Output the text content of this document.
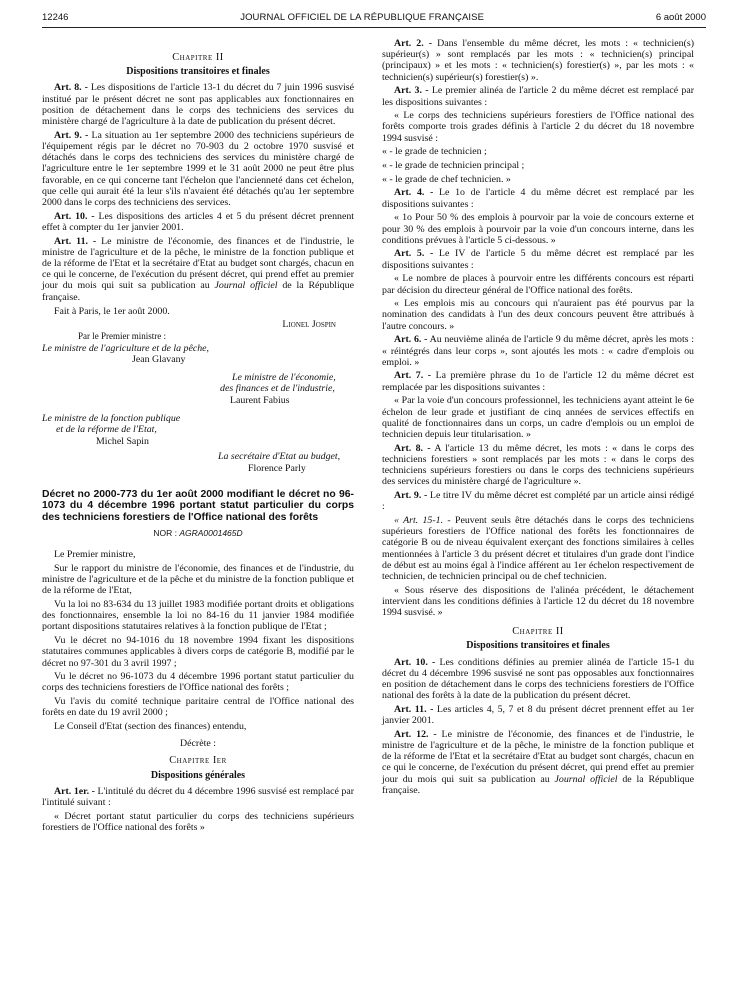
12246	JOURNAL OFFICIEL DE LA RÉPUBLIQUE FRANÇAISE	6 août 2000
Chapitre II
Dispositions transitoires et finales

Art. 8. - Les dispositions de l'article 13-1 du décret du 7 juin 1996 susvisé institué par le présent décret ne sont pas applicables aux fonctionnaires en position de détachement dans le corps des techniciens des services du ministère chargé de l'agriculture à la date de publication du présent décret.

Art. 9. - La situation au 1er septembre 2000 des techniciens supérieurs de l'équipement régis par le décret no 70-903 du 2 octobre 1970 susvisé et détachés dans le corps des techniciens des services du ministère chargé de l'agriculture entre le 1er septembre 1999 et le 31 août 2000 ne peut être plus favorable, en ce qui concerne tant l'échelon que l'ancienneté dans cet échelon, que celle qui aurait été la leur s'ils n'avaient été détachés qu'au 1er septembre 2000 dans le corps des techniciens des services.

Art. 10. - Les dispositions des articles 4 et 5 du présent décret prennent effet à compter du 1er janvier 2001.

Art. 11. - Le ministre de l'économie, des finances et de l'industrie, le ministre de l'agriculture et de la pêche, le ministre de la fonction publique et de la réforme de l'Etat et la secrétaire d'Etat au budget sont chargés, chacun en ce qui le concerne, de l'exécution du présent décret, qui prend effet au premier jour du mois qui suit sa publication au Journal officiel de la République française.

Fait à Paris, le 1er août 2000.

Lionel Jospin
Par le Premier ministre :
Le ministre de l'agriculture et de la pêche,
Jean Glavany
Le ministre de l'économie,
des finances et de l'industrie,
Laurent Fabius
Le ministre de la fonction publique
et de la réforme de l'Etat,
Michel Sapin
La secrétaire d'Etat au budget,
Florence Parly
Décret no 2000-773 du 1er août 2000 modifiant le décret no 96-1073 du 4 décembre 1996 portant statut particulier du corps des techniciens forestiers de l'Office national des forêts
NOR : AGRA0001465D

Le Premier ministre,

Sur le rapport du ministre de l'économie, des finances et de l'industrie, du ministre de l'agriculture et de la pêche et du ministre de la fonction publique et de la réforme de l'Etat,

Vu la loi no 83-634 du 13 juillet 1983 modifiée portant droits et obligations des fonctionnaires, ensemble la loi no 84-16 du 11 janvier 1984 modifiée portant dispositions statutaires relatives à la fonction publique de l'Etat ;

Vu le décret no 94-1016 du 18 novembre 1994 fixant les dispositions statutaires communes applicables à divers corps de catégorie B, modifié par le décret no 97-301 du 3 avril 1997 ;

Vu le décret no 96-1073 du 4 décembre 1996 portant statut particulier du corps des techniciens forestiers de l'Office national des forêts ;

Vu l'avis du comité technique paritaire central de l'Office national des forêts en date du 19 avril 2000 ;

Le Conseil d'Etat (section des finances) entendu,

Décrète :

Chapitre Ier
Dispositions générales

Art. 1er. - L'intitulé du décret du 4 décembre 1996 susvisé est remplacé par l'intitulé suivant :

« Décret portant statut particulier du corps des techniciens supérieurs forestiers de l'Office national des forêts »

Art. 2. - Dans l'ensemble du même décret, les mots : « technicien(s) supérieur(s) » sont remplacés par les mots : « technicien(s) principal (principaux) » et les mots : « technicien(s) forestier(s) », par les mots : « technicien(s) supérieur(s) forestier(s) ».

Art. 3. - Le premier alinéa de l'article 2 du même décret est remplacé par les dispositions suivantes :

« Le corps des techniciens supérieurs forestiers de l'Office national des forêts comporte trois grades définis à l'article 2 du décret du 18 novembre 1994 susvisé :

« - le grade de technicien ;

« - le grade de technicien principal ;

« - le grade de chef technicien. »

Art. 4. - Le 1o de l'article 4 du même décret est remplacé par les dispositions suivantes :

« 1o Pour 50 % des emplois à pourvoir par la voie de concours externe et pour 30 % des emplois à pourvoir par la voie d'un concours interne, dans les conditions prévues à l'article 5 ci-dessous. »

Art. 5. - Le IV de l'article 5 du même décret est remplacé par les dispositions suivantes :

« Le nombre de places à pourvoir entre les différents concours est réparti par décision du directeur général de l'Office national des forêts.

« Les emplois mis au concours qui n'auraient pas été pourvus par la nomination des candidats à l'un des deux concours peuvent être attribués à l'autre concours. »

Art. 6. - Au neuvième alinéa de l'article 9 du même décret, après les mots : « réintégrés dans leur corps », sont ajoutés les mots : « cadre d'emplois ou emploi. »

Art. 7. - La première phrase du 1o de l'article 12 du même décret est remplacée par les dispositions suivantes :

« Par la voie d'un concours professionnel, les techniciens ayant atteint le 6e échelon de leur grade et justifiant de cinq années de services effectifs en qualité de fonctionnaires dans un corps, un cadre d'emplois ou un emploi de technicien depuis leur titularisation. »

Art. 8. - A l'article 13 du même décret, les mots : « dans le corps des techniciens forestiers » sont remplacés par les mots : « dans le corps des techniciens supérieurs forestiers ou dans le corps des techniciens supérieurs des services du ministère chargé de l'agriculture ».

Art. 9. - Le titre IV du même décret est complété par un article ainsi rédigé :

« Art. 15-1. - Peuvent seuls être détachés dans le corps des techniciens supérieurs forestiers de l'Office national des forêts les fonctionnaires de catégorie B ou de niveau équivalent exerçant des fonctions similaires à celles mentionnées à l'article 3 du présent décret et titulaires d'un grade dont l'indice de début est au moins égal à l'indice afférent au 1er échelon respectivement de technicien, de technicien principal ou de chef technicien.

« Sous réserve des dispositions de l'alinéa précédent, le détachement intervient dans les conditions définies à l'article 12 du décret du 18 novembre 1994 susvisé. »

Chapitre II
Dispositions transitoires et finales

Art. 10. - Les conditions définies au premier alinéa de l'article 15-1 du décret du 4 décembre 1996 susvisé ne sont pas opposables aux fonctionnaires en position de détachement dans le corps des techniciens forestiers de l'Office national des forêts à la date de la publication du présent décret.

Art. 11. - Les articles 4, 5, 7 et 8 du présent décret prennent effet au 1er janvier 2001.

Art. 12. - Le ministre de l'économie, des finances et de l'industrie, le ministre de l'agriculture et de la pêche, le ministre de la fonction publique et de la réforme de l'Etat et la secrétaire d'Etat au budget sont chargés, chacun en ce qui le concerne, de l'exécution du présent décret, qui prend effet au premier jour du mois qui suit sa publication au Journal officiel de la République française.
